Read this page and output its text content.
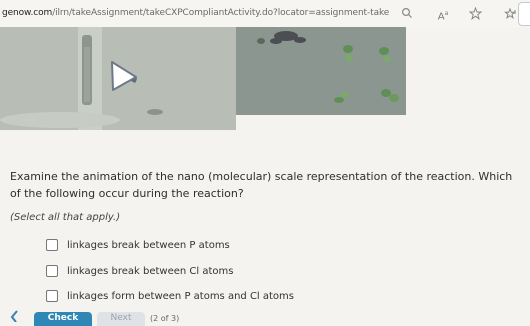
genow.com/ilrn/takeAssignment/takeCXPCompliantActivity.do?locator=assignment-take	$A^a$
Examine the animation of the nano (molecular) scale representation of the reaction. Which of the following occur during the reaction?
(Select all that apply.)
linkages break between P atoms
linkages break between Cl atoms
linkages form between P atoms and Cl atoms
Check	Next	(2 of 3)
